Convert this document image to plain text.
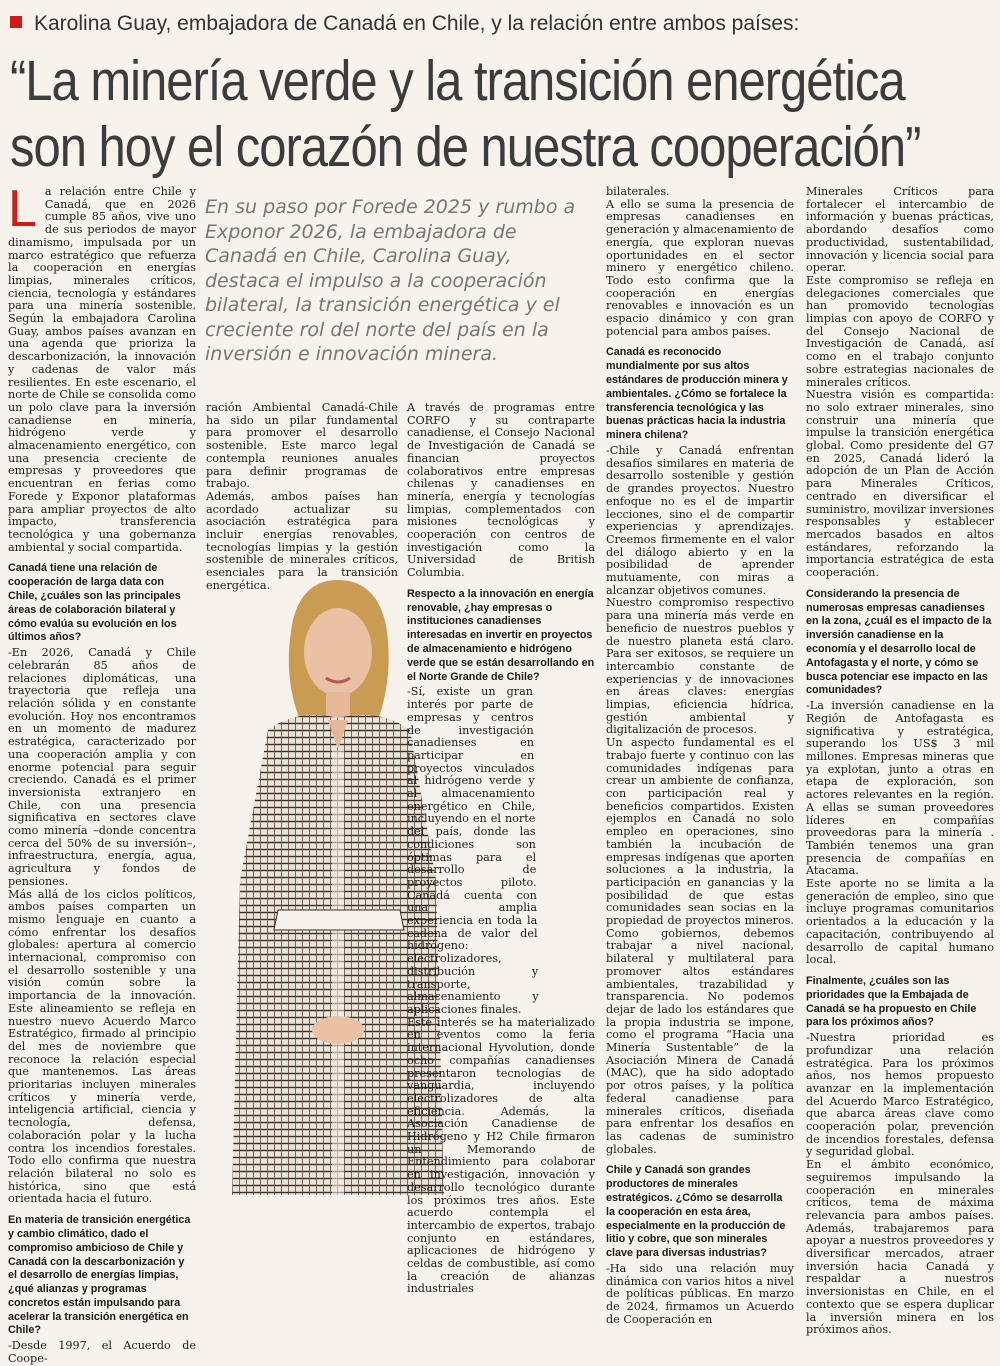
Karolina Guay, embajadora de Canadá en Chile, y la relación entre ambos países:
“La minería verde y la transición energética
son hoy el corazón de nuestra cooperación”
En su paso por Forede 2025 y rumbo a Exponor 2026, la embajadora de Canadá en Chile, Carolina Guay, destaca el impulso a la cooperación bilateral, la transición energética y el creciente rol del norte del país en la inversión e innovación minera.
L a relación entre Chile y Canadá, que en 2026 cumple 85 años, vive uno de sus periodos de mayor dinamismo, impulsada por un marco estratégico que refuerza la cooperación en energías limpias, minerales críticos, ciencia, tecnología y estándares para una minería sostenible. Según la embajadora Carolina Guay, ambos países avanzan en una agenda que prioriza la descarbonización, la innovación y cadenas de valor más resilientes. En este escenario, el norte de Chile se consolida como un polo clave para la inversión canadiense en minería, hidrógeno verde y almacenamiento energético, con una presencia creciente de empresas y proveedores que encuentran en ferias como Forede y Exponor plataformas para ampliar proyectos de alto impacto, transferencia tecnológica y una gobernanza ambiental y social compartida.

Canadá tiene una relación de cooperación de larga data con Chile, ¿cuáles son las principales áreas de colaboración bilateral y cómo evalúa su evolución en los últimos años?

-En 2026, Canadá y Chile celebrarán 85 años de relaciones diplomáticas, una trayectoria que refleja una relación sólida y en constante evolución. Hoy nos encontramos en un momento de madurez estratégica, caracterizado por una cooperación amplia y con enorme potencial para seguir creciendo. Canadá es el primer inversionista extranjero en Chile, con una presencia significativa en sectores clave como minería –donde concentra cerca del 50% de su inversión–, infraestructura, energía, agua, agricultura y fondos de pensiones.

Más allá de los ciclos políticos, ambos países comparten un mismo lenguaje en cuanto a cómo enfrentar los desafíos globales: apertura al comercio internacional, compromiso con el desarrollo sostenible y una visión común sobre la importancia de la innovación. Este alineamiento se refleja en nuestro nuevo Acuerdo Marco Estratégico, firmado al principio del mes de noviembre que reconoce la relación especial que mantenemos. Las áreas prioritarias incluyen minerales críticos y minería verde, inteligencia artificial, ciencia y tecnología, defensa, colaboración polar y la lucha contra los incendios forestales. Todo ello confirma que nuestra relación bilateral no solo es histórica, sino que está orientada hacia el futuro.

En materia de transición energética y cambio climático, dado el compromiso ambicioso de Chile y Canadá con la descarbonización y el desarrollo de energías limpias, ¿qué alianzas y programas concretos están impulsando para acelerar la transición energética en Chile?

-Desde 1997, el Acuerdo de Coope-

ración Ambiental Canadá-Chile ha sido un pilar fundamental para promover el desarrollo sostenible. Este marco legal contempla reuniones anuales para definir programas de trabajo.

Además, ambos países han acordado actualizar su asociación estratégica para incluir energías renovables, tecnologías limpias y la gestión sostenible de minerales críticos, esenciales para la transición energética.

A través de programas entre CORFO y su contraparte canadiense, el Consejo Nacional de Investigación de Canadá se financian proyectos colaborativos entre empresas chilenas y canadienses en minería, energía y tecnologías limpias, complementados con misiones tecnológicas y cooperación con centros de investigación como la Universidad de British Columbia.

Respecto a la innovación en energía renovable, ¿hay empresas o instituciones canadienses interesadas en invertir en proyectos de almacenamiento e hidrógeno verde que se están desarrollando en el Norte Grande de Chile?

-Sí, existe un gran interés por parte de empresas y centros de investigación canadienses en participar en proyectos vinculados al hidrógeno verde y al almacenamiento energético en Chile, incluyendo en el norte del país, donde las condiciones son óptimas para el desarrollo de proyectos piloto. Canadá cuenta con una amplia experiencia en toda la cadena de valor del hidrógeno: electrolizadores, distribución y transporte, almacenamiento y aplicaciones finales.

Este interés se ha materializado en eventos como la feria internacional Hyvolution, donde ocho compañías canadienses presentaron tecnologías de vanguardia, incluyendo electrolizadores de alta eficiencia. Además, la Asociación Canadiense de Hidrógeno y H2 Chile firmaron un Memorando de Entendimiento para colaborar en investigación, innovación y desarrollo tecnológico durante los próximos tres años. Este acuerdo contempla el intercambio de expertos, trabajo conjunto en estándares, aplicaciones de hidrógeno y celdas de combustible, así como la creación de alianzas industriales

bilaterales.

A ello se suma la presencia de empresas canadienses en generación y almacenamiento de energía, que exploran nuevas oportunidades en el sector minero y energético chileno. Todo esto confirma que la cooperación en energías renovables e innovación es un espacio dinámico y con gran potencial para ambos países.

Canadá es reconocido mundialmente por sus altos estándares de producción minera y ambientales. ¿Cómo se fortalece la transferencia tecnológica y las buenas prácticas hacia la industria minera chilena?

-Chile y Canadá enfrentan desafíos similares en materia de desarrollo sostenible y gestión de grandes proyectos. Nuestro enfoque no es el de impartir lecciones, sino el de compartir experiencias y aprendizajes. Creemos firmemente en el valor del diálogo abierto y en la posibilidad de aprender mutuamente, con miras a alcanzar objetivos comunes.

Nuestro compromiso respectivo para una minería más verde en beneficio de nuestros pueblos y de nuestro planeta está claro. Para ser exitosos, se requiere un intercambio constante de experiencias y de innovaciones en áreas claves: energías limpias, eficiencia hídrica, gestión ambiental y digitalización de procesos.

Un aspecto fundamental es el trabajo fuerte y continuo con las comunidades indígenas para crear un ambiente de confianza, con participación real y beneficios compartidos. Existen ejemplos en Canadá no solo empleo en operaciones, sino también la incubación de empresas indígenas que aporten soluciones a la industria, la participación en ganancias y la posibilidad de que estas comunidades sean socias en la propiedad de proyectos mineros. Como gobiernos, debemos trabajar a nivel nacional, bilateral y multilateral para promover altos estándares ambientales, trazabilidad y transparencia. No podemos dejar de lado los estándares que la propia industria se impone, como el programa “Hacia una Minería Sustentable” de la Asociación Minera de Canadá (MAC), que ha sido adoptado por otros países, y la política federal canadiense para minerales críticos, diseñada para enfrentar los desafíos en las cadenas de suministro globales.

Chile y Canadá son grandes productores de minerales estratégicos. ¿Cómo se desarrolla la cooperación en esta área, especialmente en la producción de litio y cobre, que son minerales clave para diversas industrias?

-Ha sido una relación muy dinámica con varios hitos a nivel de políticas públicas. En marzo de 2024, firmamos un Acuerdo de Cooperación en

Minerales Críticos para fortalecer el intercambio de información y buenas prácticas, abordando desafíos como productividad, sustentabilidad, innovación y licencia social para operar.

Este compromiso se refleja en delegaciones comerciales que han promovido tecnologías limpias con apoyo de CORFO y del Consejo Nacional de Investigación de Canadá, así como en el trabajo conjunto sobre estrategias nacionales de minerales críticos.

Nuestra visión es compartida: no solo extraer minerales, sino construir una minería que impulse la transición energética global. Como presidente del G7 en 2025, Canadá lideró la adopción de un Plan de Acción para Minerales Críticos, centrado en diversificar el suministro, movilizar inversiones responsables y establecer mercados basados en altos estándares, reforzando la importancia estratégica de esta cooperación.

Considerando la presencia de numerosas empresas canadienses en la zona, ¿cuál es el impacto de la inversión canadiense en la economía y el desarrollo local de Antofagasta y el norte, y cómo se busca potenciar ese impacto en las comunidades?

-La inversión canadiense en la Región de Antofagasta es significativa y estratégica, superando los US$ 3 mil millones. Empresas mineras que ya explotan, junto a otras en etapa de exploración, son actores relevantes en la región. A ellas se suman proveedores líderes en compañías proveedoras para la minería . También tenemos una gran presencia de compañías en Atacama.

Este aporte no se limita a la generación de empleo, sino que incluye programas comunitarios orientados a la educación y la capacitación, contribuyendo al desarrollo de capital humano local.

Finalmente, ¿cuáles son las prioridades que la Embajada de Canadá se ha propuesto en Chile para los próximos años?

-Nuestra prioridad es profundizar una relación estratégica. Para los próximos años, nos hemos propuesto avanzar en la implementación del Acuerdo Marco Estratégico, que abarca áreas clave como cooperación polar, prevención de incendios forestales, defensa y seguridad global.

En el ámbito económico, seguiremos impulsando la cooperación en minerales críticos, tema de máxima relevancia para ambos países. Además, trabajaremos para apoyar a nuestros proveedores y diversificar mercados, atraer inversión hacia Canadá y respaldar a nuestros inversionistas en Chile, en el contexto que se espera duplicar la inversión minera en los próximos años.
